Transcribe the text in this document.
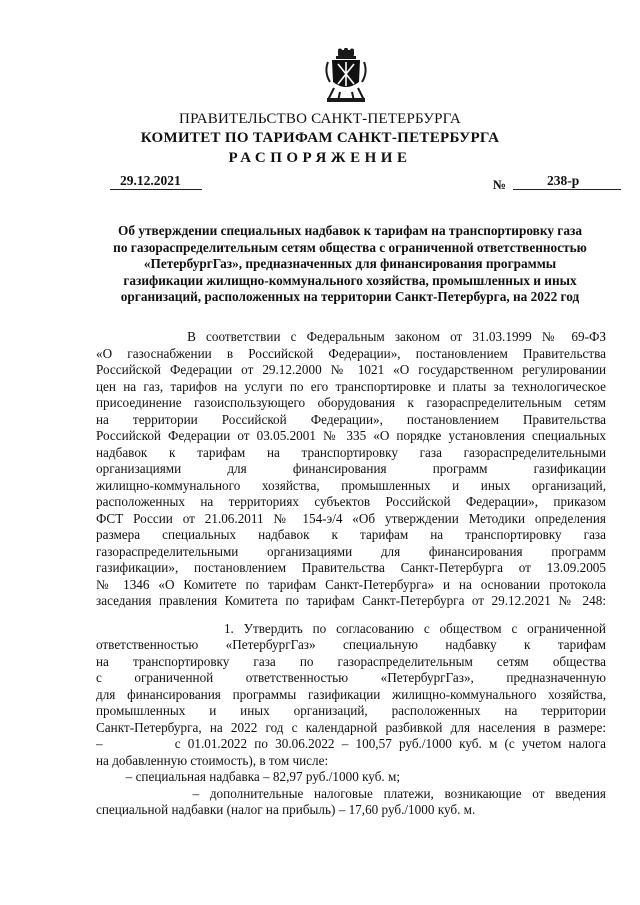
ПРАВИТЕЛЬСТВО САНКТ-ПЕТЕРБУРГА
КОМИТЕТ ПО ТАРИФАМ САНКТ-ПЕТЕРБУРГА
РАСПОРЯЖЕНИЕ
29.12.2021	№	238-р
Об утверждении специальных надбавок к тарифам на транспортировку газа
по газораспределительным сетям общества с ограниченной ответственностью
«ПетербургГаз», предназначенных для финансирования программы
газификации жилищно-коммунального хозяйства, промышленных и иных
организаций, расположенных на территории Санкт-Петербурга, на 2022 год
В соответствии с Федеральным законом от 31.03.1999 № 69-ФЗ
«О газоснабжении в Российской Федерации», постановлением Правительства
Российской Федерации от 29.12.2000 № 1021 «О государственном регулировании
цен на газ, тарифов на услуги по его транспортировке и платы за технологическое
присоединение газоиспользующего оборудования к газораспределительным сетям
на территории Российской Федерации», постановлением Правительства
Российской Федерации от 03.05.2001 № 335 «О порядке установления специальных
надбавок к тарифам на транспортировку газа газораспределительными
организациями для финансирования программ газификации
жилищно-коммунального хозяйства, промышленных и иных организаций,
расположенных на территориях субъектов Российской Федерации», приказом
ФСТ России от 21.06.2011 № 154-э/4 «Об утверждении Методики определения
размера специальных надбавок к тарифам на транспортировку газа
газораспределительными организациями для финансирования программ
газификации», постановлением Правительства Санкт-Петербурга от 13.09.2005
№ 1346 «О Комитете по тарифам Санкт-Петербурга» и на основании протокола
заседания правления Комитета по тарифам Санкт-Петербурга от 29.12.2021 № 248:
1. Утвердить по согласованию с обществом с ограниченной
ответственностью «ПетербургГаз» специальную надбавку к тарифам
на транспортировку газа по газораспределительным сетям общества
с ограниченной ответственностью «ПетербургГаз», предназначенную
для финансирования программы газификации жилищно-коммунального хозяйства,
промышленных и иных организаций, расположенных на территории
Санкт-Петербурга, на 2022 год с календарной разбивкой для населения в размере:
–          с 01.01.2022 по 30.06.2022 – 100,57 руб./1000 куб. м (с учетом налога
на добавленную стоимость), в том числе:
– специальная надбавка – 82,97 руб./1000 куб. м;
– дополнительные налоговые платежи, возникающие от введения
специальной надбавки (налог на прибыль) – 17,60 руб./1000 куб. м.
